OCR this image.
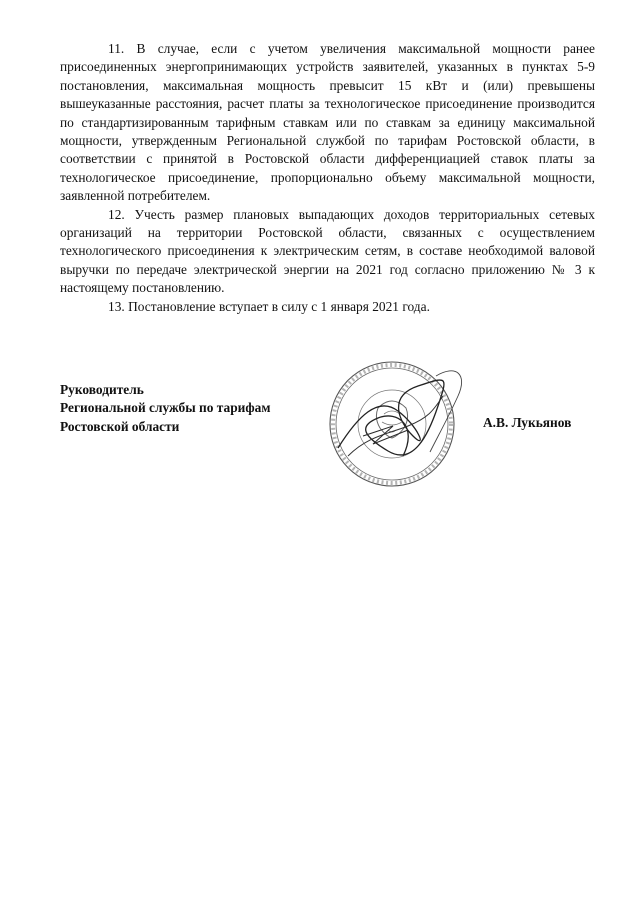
11. В случае, если с учетом увеличения максимальной мощности ранее присоединенных энергопринимающих устройств заявителей, указанных в пунктах 5-9 постановления, максимальная мощность превысит 15 кВт и (или) превышены вышеуказанные расстояния, расчет платы за технологическое присоединение производится по стандартизированным тарифным ставкам или по ставкам за единицу максимальной мощности, утвержденным Региональной службой по тарифам Ростовской области, в соответствии с принятой в Ростовской области дифференциацией ставок платы за технологическое присоединение, пропорционально объему максимальной мощности, заявленной потребителем.

12. Учесть размер плановых выпадающих доходов территориальных сетевых организаций на территории Ростовской области, связанных с осуществлением технологического присоединения к электрическим сетям, в составе необходимой валовой выручки по передаче электрической энергии на 2021 год согласно приложению № 3 к настоящему постановлению.

13. Постановление вступает в силу с 1 января 2021 года.

Руководитель
Региональной службы по тарифам
Ростовской области	А.В. Лукьянов
